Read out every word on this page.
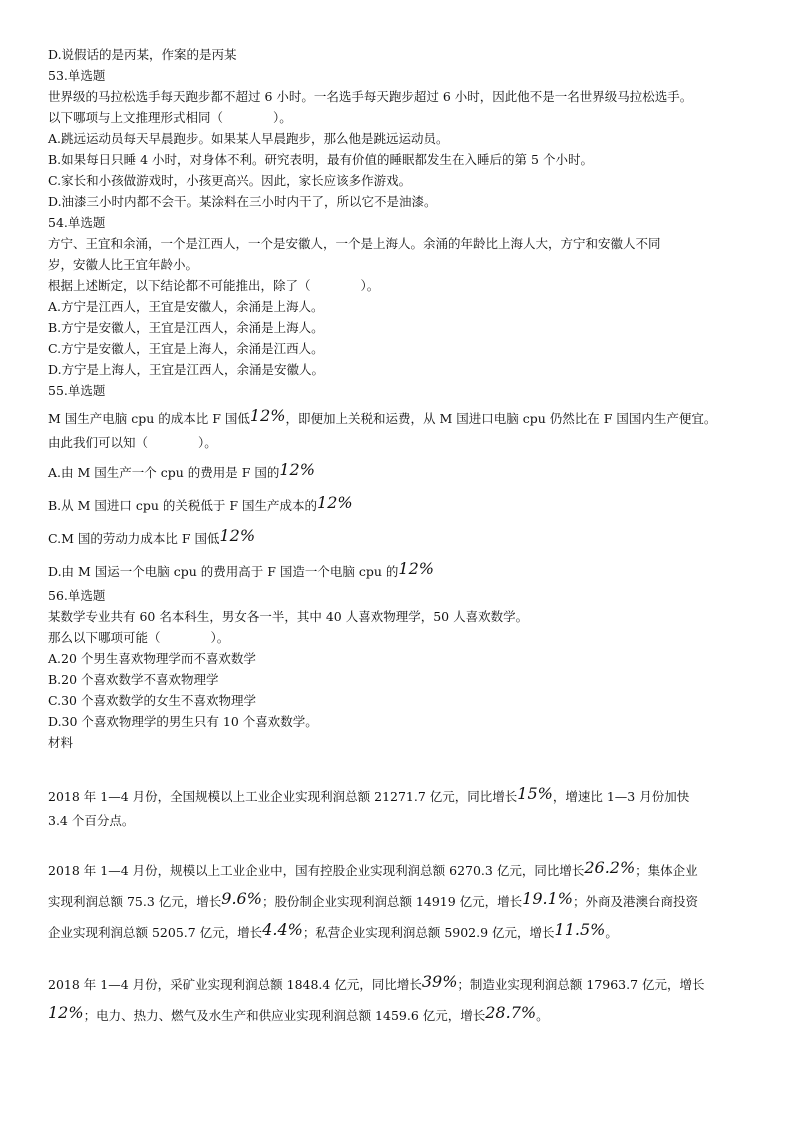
D.说假话的是丙某，作案的是丙某
53.单选题
世界级的马拉松选手每天跑步都不超过 6 小时。一名选手每天跑步超过 6 小时，因此他不是一名世界级马拉松选手。
以下哪项与上文推理形式相同（　　　　）。
A.跳远运动员每天早晨跑步。如果某人早晨跑步，那么他是跳远运动员。
B.如果每日只睡 4 小时，对身体不利。研究表明，最有价值的睡眠都发生在入睡后的第 5 个小时。
C.家长和小孩做游戏时，小孩更高兴。因此，家长应该多作游戏。
D.油漆三小时内都不会干。某涂料在三小时内干了，所以它不是油漆。
54.单选题
方宁、王宜和余涌，一个是江西人，一个是安徽人，一个是上海人。余涌的年龄比上海人大，方宁和安徽人不同
岁，安徽人比王宜年龄小。
根据上述断定，以下结论都不可能推出，除了（　　　　）。
A.方宁是江西人，王宜是安徽人，余涌是上海人。
B.方宁是安徽人，王宜是江西人，余涌是上海人。
C.方宁是安徽人，王宜是上海人，余涌是江西人。
D.方宁是上海人，王宜是江西人，余涌是安徽人。
55.单选题
M 国生产电脑 cpu 的成本比 F 国低12%，即便加上关税和运费，从 M 国进口电脑 cpu 仍然比在 F 国国内生产便宜。
由此我们可以知（　　　　）。
A.由 M 国生产一个 cpu 的费用是 F 国的12%
B.从 M 国进口 cpu 的关税低于 F 国生产成本的12%
C.M 国的劳动力成本比 F 国低12%
D.由 M 国运一个电脑 cpu 的费用高于 F 国造一个电脑 cpu 的12%
56.单选题
某数学专业共有 60 名本科生，男女各一半，其中 40 人喜欢物理学，50 人喜欢数学。
那么以下哪项可能（　　　　）。
A.20 个男生喜欢物理学而不喜欢数学
B.20 个喜欢数学不喜欢物理学
C.30 个喜欢数学的女生不喜欢物理学
D.30 个喜欢物理学的男生只有 10 个喜欢数学。
材料
2018 年 1—4 月份，全国规模以上工业企业实现利润总额 21271.7 亿元，同比增长15%，增速比 1—3 月份加快
3.4 个百分点。
2018 年 1—4 月份，规模以上工业企业中，国有控股企业实现利润总额 6270.3 亿元，同比增长26.2%；集体企业
实现利润总额 75.3 亿元，增长9.6%；股份制企业实现利润总额 14919 亿元，增长19.1%；外商及港澳台商投资
企业实现利润总额 5205.7 亿元，增长4.4%；私营企业实现利润总额 5902.9 亿元，增长11.5%。
2018 年 1—4 月份，采矿业实现利润总额 1848.4 亿元，同比增长39%；制造业实现利润总额 17963.7 亿元，增长
12%；电力、热力、燃气及水生产和供应业实现利润总额 1459.6 亿元，增长28.7%。
